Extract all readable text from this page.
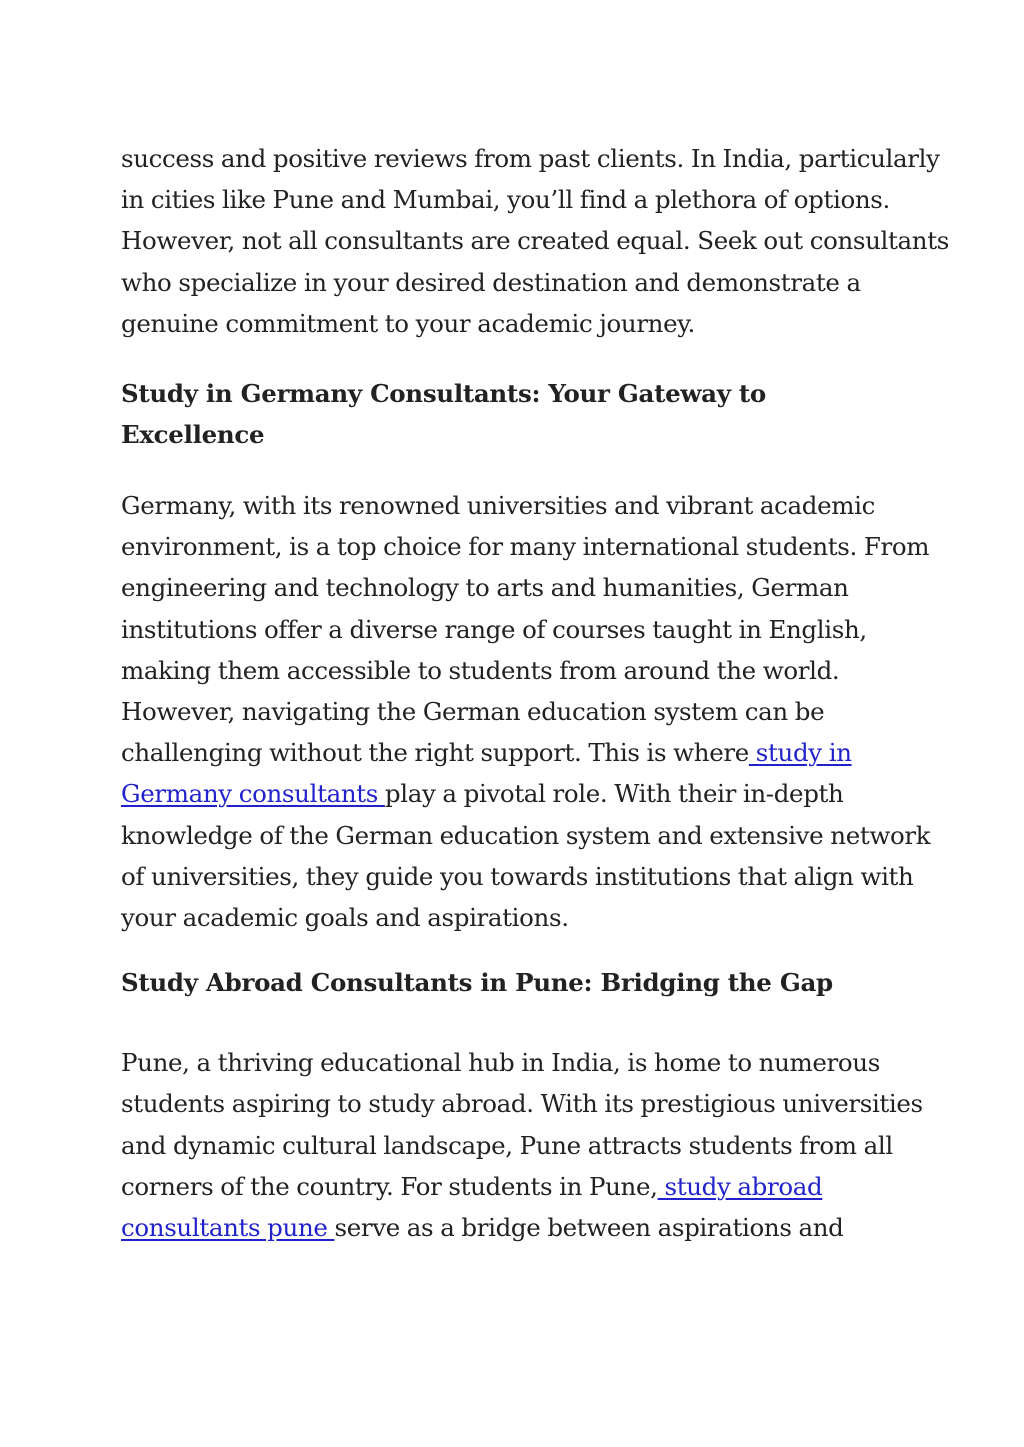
success and positive reviews from past clients. In India, particularly
in cities like Pune and Mumbai, you’ll find a plethora of options.
However, not all consultants are created equal. Seek out consultants
who specialize in your desired destination and demonstrate a
genuine commitment to your academic journey.

Study in Germany Consultants: Your Gateway to
Excellence

Germany, with its renowned universities and vibrant academic
environment, is a top choice for many international students. From
engineering and technology to arts and humanities, German
institutions offer a diverse range of courses taught in English,
making them accessible to students from around the world.
However, navigating the German education system can be
challenging without the right support. This is where study in
Germany consultants play a pivotal role. With their in-depth
knowledge of the German education system and extensive network
of universities, they guide you towards institutions that align with
your academic goals and aspirations.

Study Abroad Consultants in Pune: Bridging the Gap

Pune, a thriving educational hub in India, is home to numerous
students aspiring to study abroad. With its prestigious universities
and dynamic cultural landscape, Pune attracts students from all
corners of the country. For students in Pune, study abroad
consultants pune serve as a bridge between aspirations and
